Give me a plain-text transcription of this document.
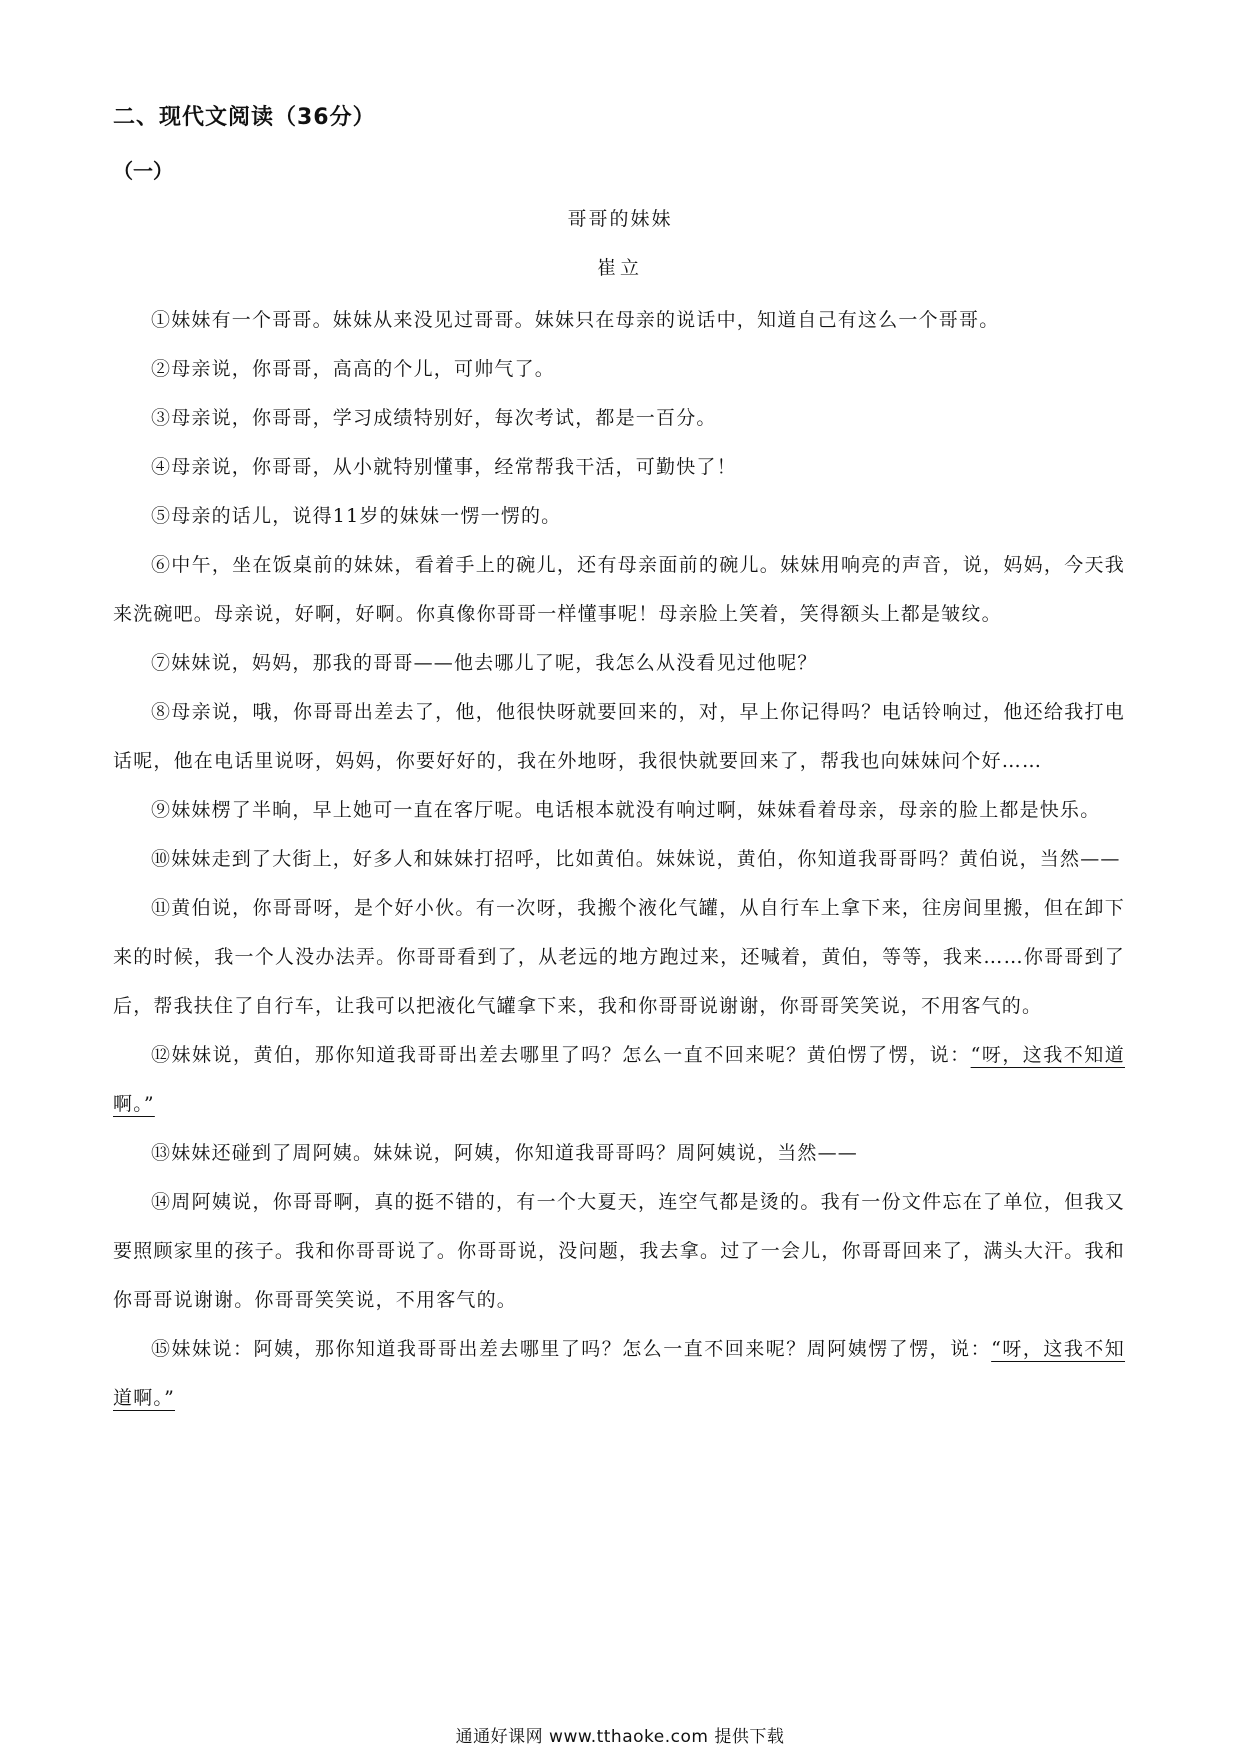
二、现代文阅读（36分）
（一）
哥哥的妹妹
崔立

①妹妹有一个哥哥。妹妹从来没见过哥哥。妹妹只在母亲的说话中，知道自己有这么一个哥哥。

②母亲说，你哥哥，高高的个儿，可帅气了。

③母亲说，你哥哥，学习成绩特别好，每次考试，都是一百分。

④母亲说，你哥哥，从小就特别懂事，经常帮我干活，可勤快了！

⑤母亲的话儿，说得11岁的妹妹一愣一愣的。

⑥中午，坐在饭桌前的妹妹，看着手上的碗儿，还有母亲面前的碗儿。妹妹用响亮的声音，说，妈妈，今天我来洗碗吧。母亲说，好啊，好啊。你真像你哥哥一样懂事呢！母亲脸上笑着，笑得额头上都是皱纹。

⑦妹妹说，妈妈，那我的哥哥——他去哪儿了呢，我怎么从没看见过他呢？

⑧母亲说，哦，你哥哥出差去了，他，他很快呀就要回来的，对，早上你记得吗？电话铃响过，他还给我打电话呢，他在电话里说呀，妈妈，你要好好的，我在外地呀，我很快就要回来了，帮我也向妹妹问个好……

⑨妹妹楞了半晌，早上她可一直在客厅呢。电话根本就没有响过啊，妹妹看着母亲，母亲的脸上都是快乐。

⑩妹妹走到了大街上，好多人和妹妹打招呼，比如黄伯。妹妹说，黄伯，你知道我哥哥吗？黄伯说，当然——

⑪黄伯说，你哥哥呀，是个好小伙。有一次呀，我搬个液化气罐，从自行车上拿下来，往房间里搬，但在卸下来的时候，我一个人没办法弄。你哥哥看到了，从老远的地方跑过来，还喊着，黄伯，等等，我来……你哥哥到了后，帮我扶住了自行车，让我可以把液化气罐拿下来，我和你哥哥说谢谢，你哥哥笑笑说，不用客气的。

⑫妹妹说，黄伯，那你知道我哥哥出差去哪里了吗？怎么一直不回来呢？黄伯愣了愣，说：“呀，这我不知道啊。”

⑬妹妹还碰到了周阿姨。妹妹说，阿姨，你知道我哥哥吗？周阿姨说，当然——

⑭周阿姨说，你哥哥啊，真的挺不错的，有一个大夏天，连空气都是烫的。我有一份文件忘在了单位，但我又要照顾家里的孩子。我和你哥哥说了。你哥哥说，没问题，我去拿。过了一会儿，你哥哥回来了，满头大汗。我和你哥哥说谢谢。你哥哥笑笑说，不用客气的。

⑮妹妹说：阿姨，那你知道我哥哥出差去哪里了吗？怎么一直不回来呢？周阿姨愣了愣，说：“呀，这我不知道啊。”

通通好课网 www.tthaoke.com 提供下载
